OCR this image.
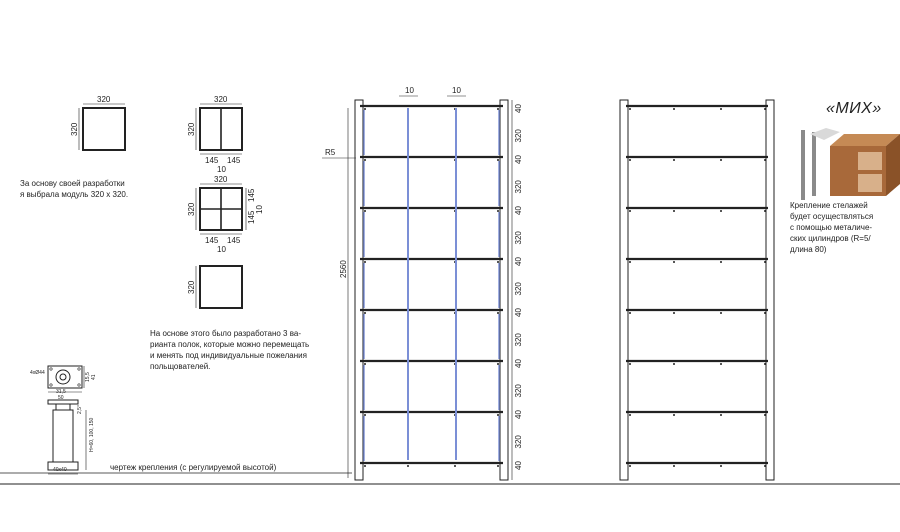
320
320
320
320
145 145
10
320
320
145
145
10
145 145
10
320
10	10
R5
2560
40
320
40
320
40
320
40
320
40
320
40
320
40
320
40
4хØ44
31,5
50
15,5 41
2,5°
H=60, 100, 150
40х40
За основу своей разработки
я выбрала модуль 320 х 320.
На основе этого было разработано 3 ва-
рианта полок, которые можно перемещать
и менять под индивидуальные пожелания
польщователей.
чертеж крепления (с регулируемой высотой)
«МИХ»
Крепление стелажей
будет осуществляться
с помощью металиче-
ских цилиндров (R=5/
длина 80)
